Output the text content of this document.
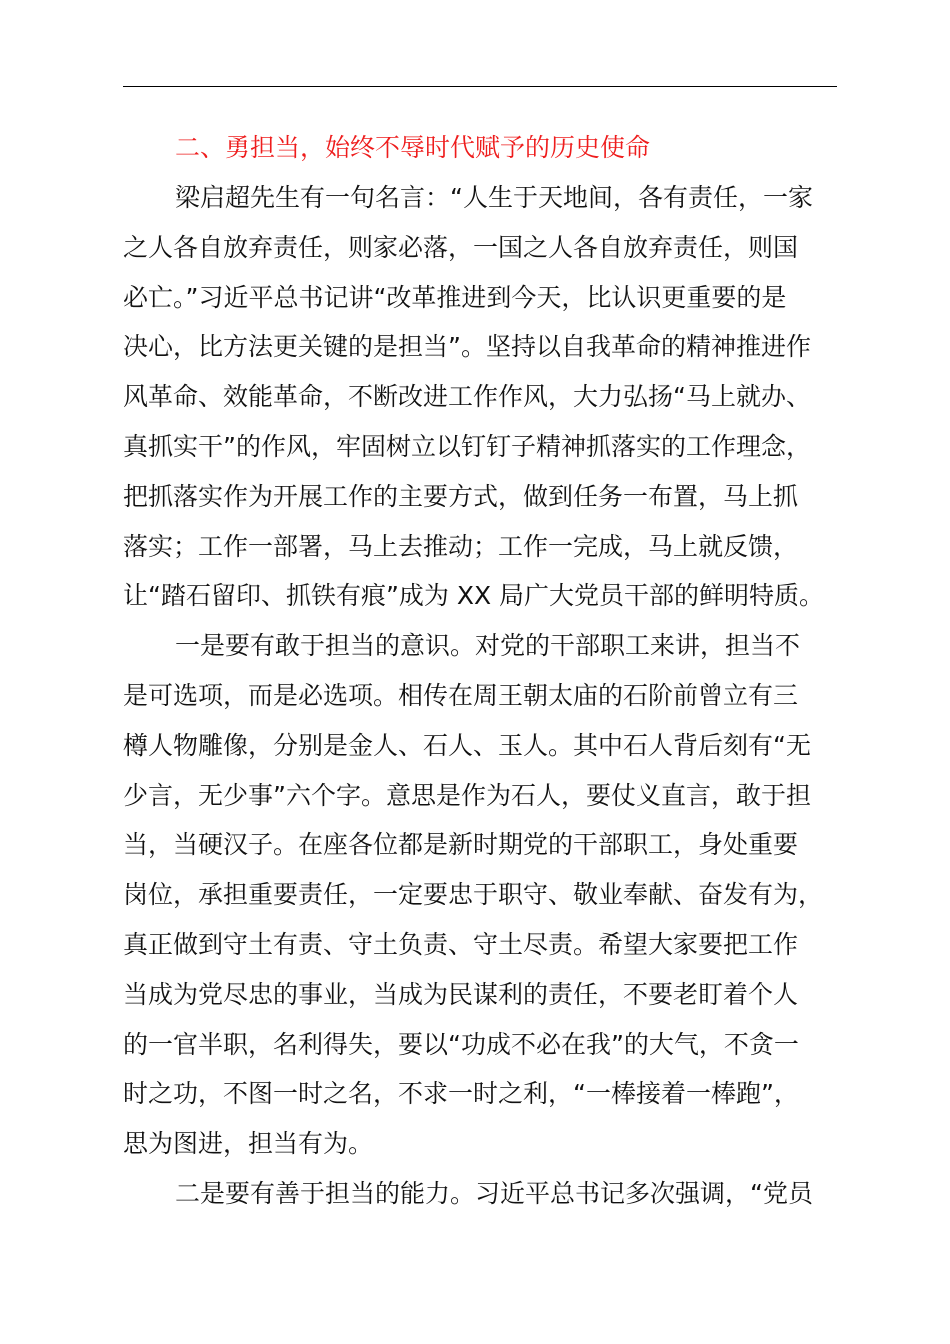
二、勇担当，始终不辱时代赋予的历史使命
梁启超先生有一句名言：“人生于天地间，各有责任，一家
之人各自放弃责任，则家必落，一国之人各自放弃责任，则国
必亡。”习近平总书记讲“改革推进到今天，比认识更重要的是
决心，比方法更关键的是担当”。坚持以自我革命的精神推进作
风革命、效能革命，不断改进工作作风，大力弘扬“马上就办、
真抓实干”的作风，牢固树立以钉钉子精神抓落实的工作理念，
把抓落实作为开展工作的主要方式，做到任务一布置，马上抓
落实；工作一部署，马上去推动；工作一完成，马上就反馈，
让“踏石留印、抓铁有痕”成为 XX 局广大党员干部的鲜明特质。
一是要有敢于担当的意识。对党的干部职工来讲，担当不
是可选项，而是必选项。相传在周王朝太庙的石阶前曾立有三
樽人物雕像，分别是金人、石人、玉人。其中石人背后刻有“无
少言，无少事”六个字。意思是作为石人，要仗义直言，敢于担
当，当硬汉子。在座各位都是新时期党的干部职工，身处重要
岗位，承担重要责任，一定要忠于职守、敬业奉献、奋发有为，
真正做到守土有责、守土负责、守土尽责。希望大家要把工作
当成为党尽忠的事业，当成为民谋利的责任，不要老盯着个人
的一官半职，名利得失，要以“功成不必在我”的大气，不贪一
时之功，不图一时之名，不求一时之利，“一棒接着一棒跑”，
思为图进，担当有为。
二是要有善于担当的能力。习近平总书记多次强调，“党员
